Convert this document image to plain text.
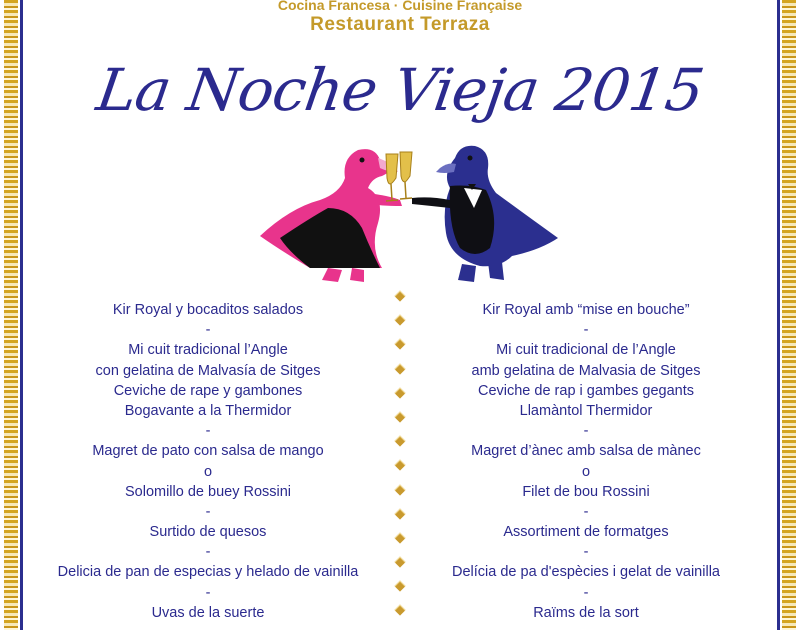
Cocina Francesa · Cuisine Française
Restaurant Terraza
La Noche Vieja 2015
Kir Royal y bocaditos salados
-
Mi cuit tradicional l’Angle
con gelatina de Malvasía de Sitges
Ceviche de rape y gambones
Bogavante a la Thermidor
-
Magret de pato con salsa de mango
o
Solomillo de buey Rossini
-
Surtido de quesos
-
Delicia de pan de especias y helado de vainilla
-
Uvas de la suerte
Kir Royal amb “mise en bouche”
-
Mi cuit tradicional de l’Angle
amb gelatina de Malvasia de Sitges
Ceviche de rap i gambes gegants
Llamàntol Thermidor
-
Magret d’ànec amb salsa de mànec
o
Filet de bou Rossini
-
Assortiment de formatges
-
Delícia de pa d'espècies i gelat de vainilla
-
Raïms de la sort
